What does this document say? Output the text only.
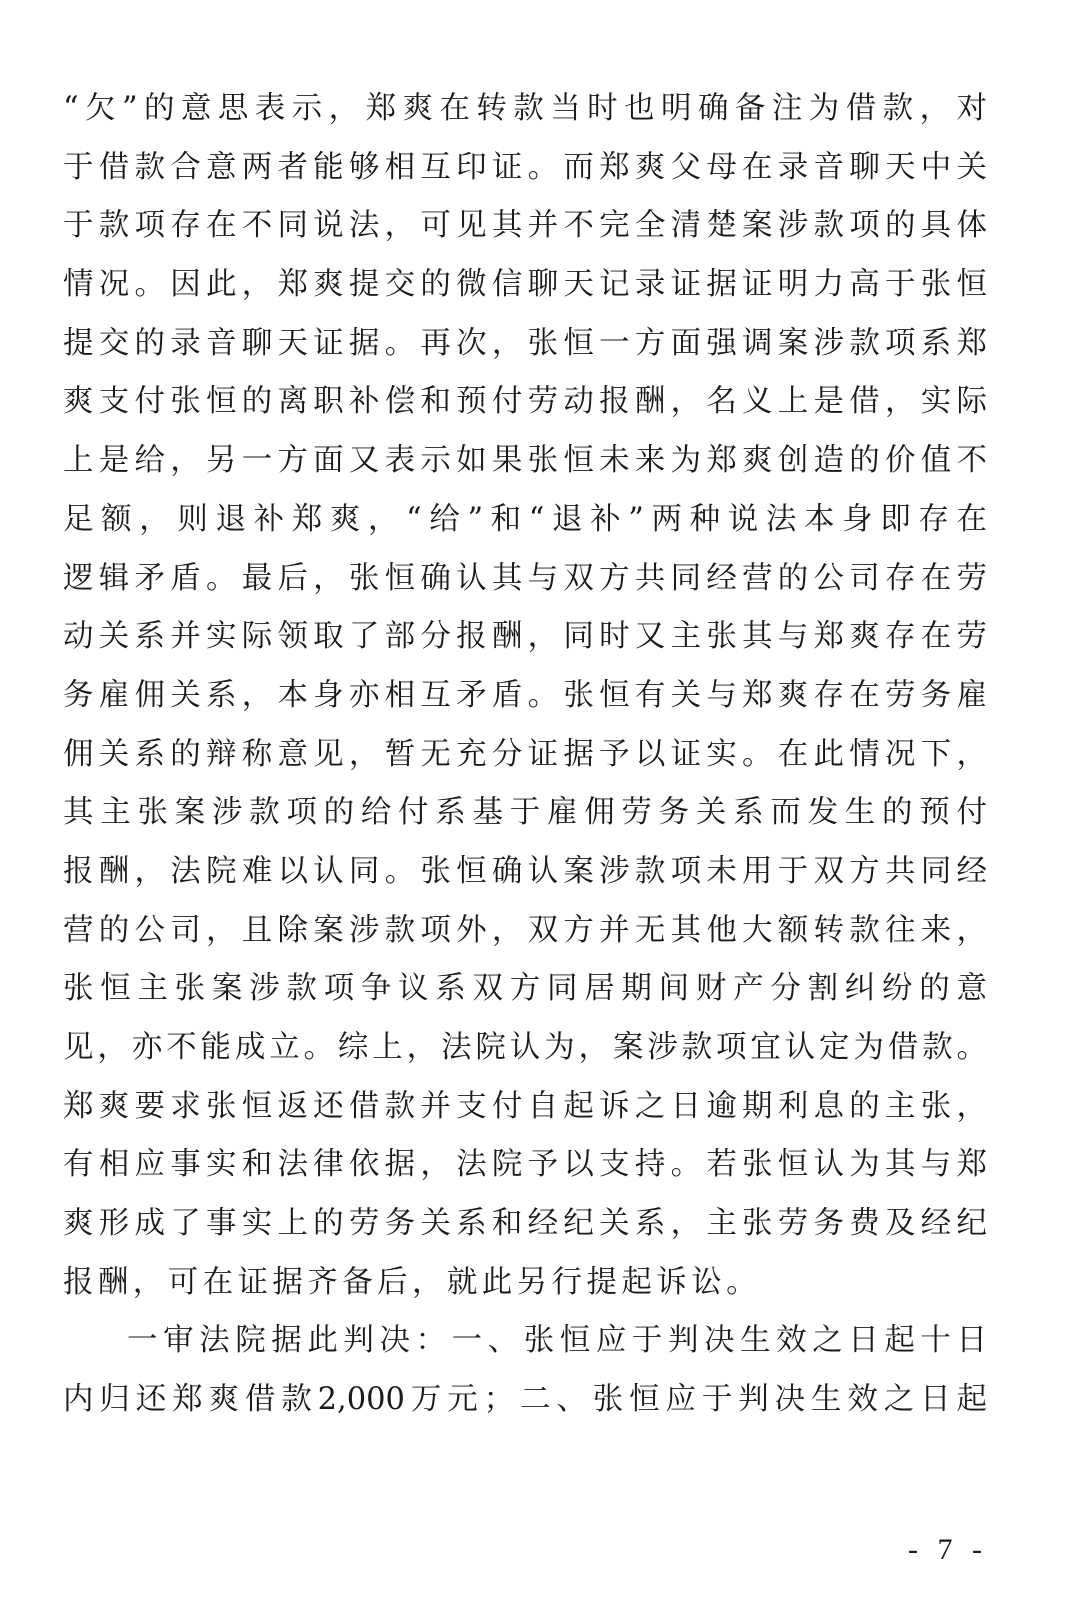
“欠”的意思表示，郑爽在转款当时也明确备注为借款，对
于借款合意两者能够相互印证。而郑爽父母在录音聊天中关
于款项存在不同说法，可见其并不完全清楚案涉款项的具体
情况。因此，郑爽提交的微信聊天记录证据证明力高于张恒
提交的录音聊天证据。再次，张恒一方面强调案涉款项系郑
爽支付张恒的离职补偿和预付劳动报酬，名义上是借，实际
上是给，另一方面又表示如果张恒未来为郑爽创造的价值不
足额，则退补郑爽，“给”和“退补”两种说法本身即存在
逻辑矛盾。最后，张恒确认其与双方共同经营的公司存在劳
动关系并实际领取了部分报酬，同时又主张其与郑爽存在劳
务雇佣关系，本身亦相互矛盾。张恒有关与郑爽存在劳务雇
佣关系的辩称意见，暂无充分证据予以证实。在此情况下，
其主张案涉款项的给付系基于雇佣劳务关系而发生的预付
报酬，法院难以认同。张恒确认案涉款项未用于双方共同经
营的公司，且除案涉款项外，双方并无其他大额转款往来，
张恒主张案涉款项争议系双方同居期间财产分割纠纷的意
见，亦不能成立。综上，法院认为，案涉款项宜认定为借款。
郑爽要求张恒返还借款并支付自起诉之日逾期利息的主张，
有相应事实和法律依据，法院予以支持。若张恒认为其与郑
爽形成了事实上的劳务关系和经纪关系，主张劳务费及经纪
报酬，可在证据齐备后，就此另行提起诉讼。
一审法院据此判决：一、张恒应于判决生效之日起十日
内归还郑爽借款2,000万元；二、张恒应于判决生效之日起
- 7 -
